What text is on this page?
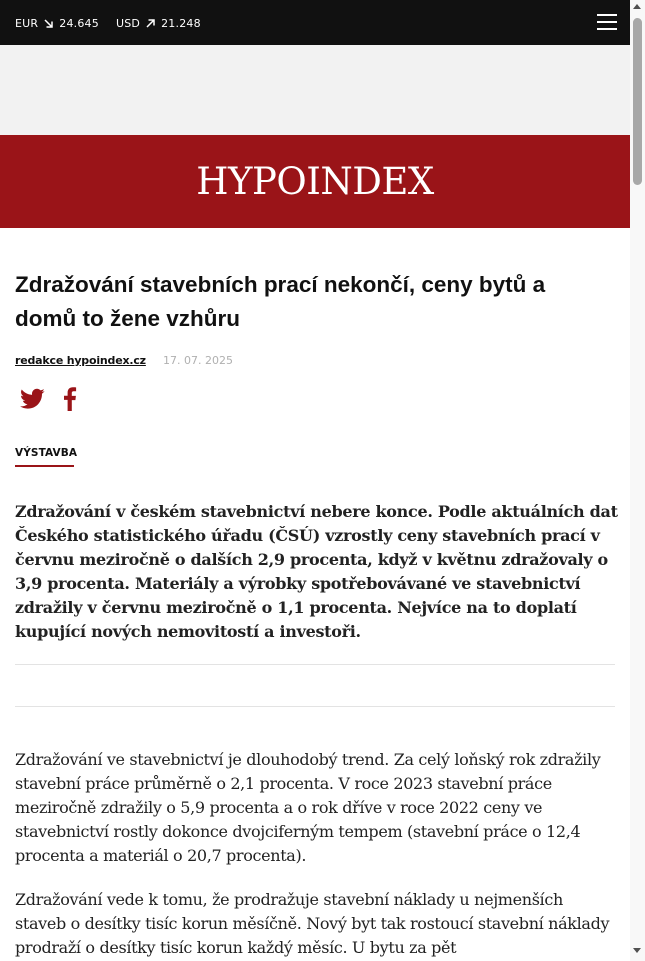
EUR 24.645 USD 21.248
HYPOINDEX
Zdražování stavebních prací nekončí, ceny bytů a domů to žene vzhůru
redakce hypoindex.cz 17. 07. 2025
VÝSTAVBA

Zdražování v českém stavebnictví nebere konce. Podle aktuálních dat Českého statistického úřadu (ČSÚ) vzrostly ceny stavebních prací v červnu meziročně o dalších 2,9 procenta, když v květnu zdražovaly o 3,9 procenta. Materiály a výrobky spotřebovávané ve stavebnictví zdražily v červnu meziročně o 1,1 procenta. Nejvíce na to doplatí kupující nových nemovitostí a investoři.

Zdražování ve stavebnictví je dlouhodobý trend. Za celý loňský rok zdražily stavební práce průměrně o 2,1 procenta. V roce 2023 stavební práce meziročně zdražily o 5,9 procenta a o rok dříve v roce 2022 ceny ve stavebnictví rostly dokonce dvojciferným tempem (stavební práce o 12,4 procenta a materiál o 20,7 procenta).

Zdražování vede k tomu, že prodražuje stavební náklady u nejmenších staveb o desítky tisíc korun měsíčně. Nový byt tak rostoucí stavební náklady prodraží o desítky tisíc korun každý měsíc. U bytu za pět
